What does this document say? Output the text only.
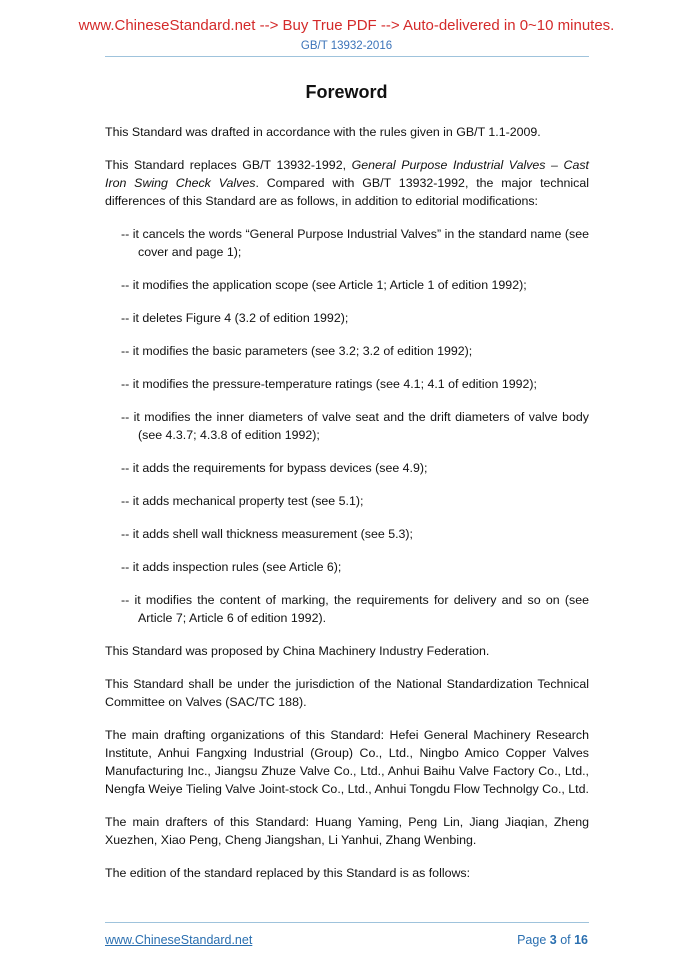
www.ChineseStandard.net --> Buy True PDF --> Auto-delivered in 0~10 minutes.
GB/T 13932-2016
Foreword

This Standard was drafted in accordance with the rules given in GB/T 1.1-2009.

This Standard replaces GB/T 13932-1992, General Purpose Industrial Valves – Cast Iron Swing Check Valves. Compared with GB/T 13932-1992, the major technical differences of this Standard are as follows, in addition to editorial modifications:

-- it cancels the words “General Purpose Industrial Valves” in the standard name (see cover and page 1);

-- it modifies the application scope (see Article 1; Article 1 of edition 1992);

-- it deletes Figure 4 (3.2 of edition 1992);

-- it modifies the basic parameters (see 3.2; 3.2 of edition 1992);

-- it modifies the pressure-temperature ratings (see 4.1; 4.1 of edition 1992);

-- it modifies the inner diameters of valve seat and the drift diameters of valve body (see 4.3.7; 4.3.8 of edition 1992);

-- it adds the requirements for bypass devices (see 4.9);

-- it adds mechanical property test (see 5.1);

-- it adds shell wall thickness measurement (see 5.3);

-- it adds inspection rules (see Article 6);

-- it modifies the content of marking, the requirements for delivery and so on (see Article 7; Article 6 of edition 1992).

This Standard was proposed by China Machinery Industry Federation.

This Standard shall be under the jurisdiction of the National Standardization Technical Committee on Valves (SAC/TC 188).

The main drafting organizations of this Standard: Hefei General Machinery Research Institute, Anhui Fangxing Industrial (Group) Co., Ltd., Ningbo Amico Copper Valves Manufacturing Inc., Jiangsu Zhuze Valve Co., Ltd., Anhui Baihu Valve Factory Co., Ltd., Nengfa Weiye Tieling Valve Joint-stock Co., Ltd., Anhui Tongdu Flow Technolgy Co., Ltd.

The main drafters of this Standard: Huang Yaming, Peng Lin, Jiang Jiaqian, Zheng Xuezhen, Xiao Peng, Cheng Jiangshan, Li Yanhui, Zhang Wenbing.

The edition of the standard replaced by this Standard is as follows:

www.ChineseStandard.net	Page 3 of 16
